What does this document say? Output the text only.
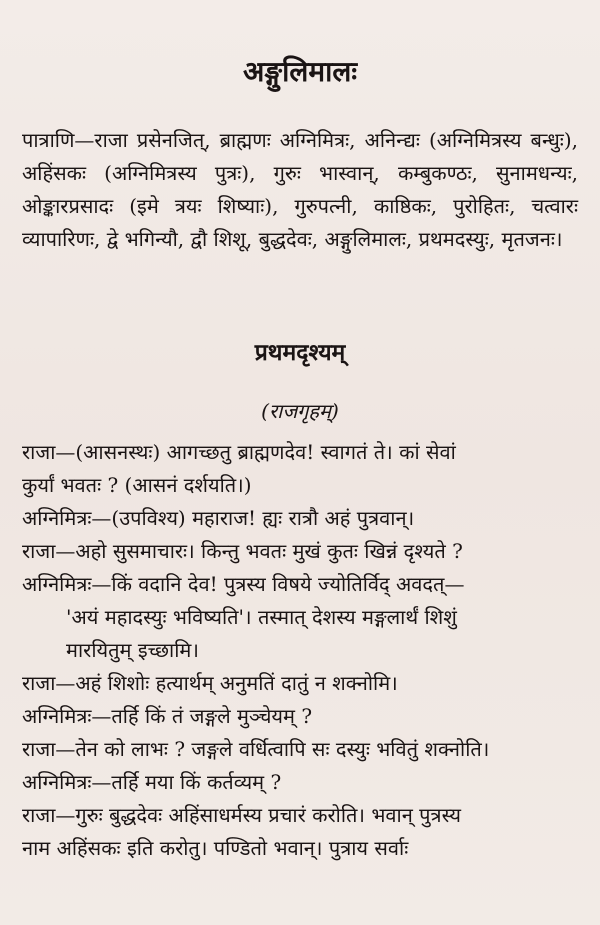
अङ्गुलिमालः
पात्राणि—राजा प्रसेनजित्, ब्राह्मणः अग्निमित्रः, अनिन्द्यः (अग्निमित्रस्य बन्धुः), अहिंसकः (अग्निमित्रस्य पुत्रः), गुरुः भास्वान्, कम्बुकण्ठः, सुनामधन्यः, ओङ्कारप्रसादः (इमे त्रयः शिष्याः), गुरुपत्नी, काष्ठिकः, पुरोहितः, चत्वारः व्यापारिणः, द्वे भगिन्यौ, द्वौ शिशू, बुद्धदेवः, अङ्गुलिमालः, प्रथमदस्युः, मृतजनः।
प्रथमदृश्यम्
(राजगृहम्)
राजा—(आसनस्थः) आगच्छतु ब्राह्मणदेव! स्वागतं ते। कां सेवां
कुर्यां भवतः ? (आसनं दर्शयति।)
अग्निमित्रः—(उपविश्य) महाराज! ह्यः रात्रौ अहं पुत्रवान्।
राजा—अहो सुसमाचारः। किन्तु भवतः मुखं कुतः खिन्नं दृश्यते ?
अग्निमित्रः—किं वदानि देव! पुत्रस्य विषये ज्योतिर्विद् अवदत्—
'अयं महादस्युः भविष्यति'। तस्मात् देशस्य मङ्गलार्थं शिशुं
मारयितुम् इच्छामि।
राजा—अहं शिशोः हत्यार्थम् अनुमतिं दातुं न शक्नोमि।
अग्निमित्रः—तर्हि किं तं जङ्गले मुञ्चेयम् ?
राजा—तेन को लाभः ? जङ्गले वर्धित्वापि सः दस्युः भवितुं शक्नोति।
अग्निमित्रः—तर्हि मया किं कर्तव्यम् ?
राजा—गुरुः बुद्धदेवः अहिंसाधर्मस्य प्रचारं करोति। भवान् पुत्रस्य
नाम अहिंसकः इति करोतु। पण्डितो भवान्। पुत्राय सर्वाः
